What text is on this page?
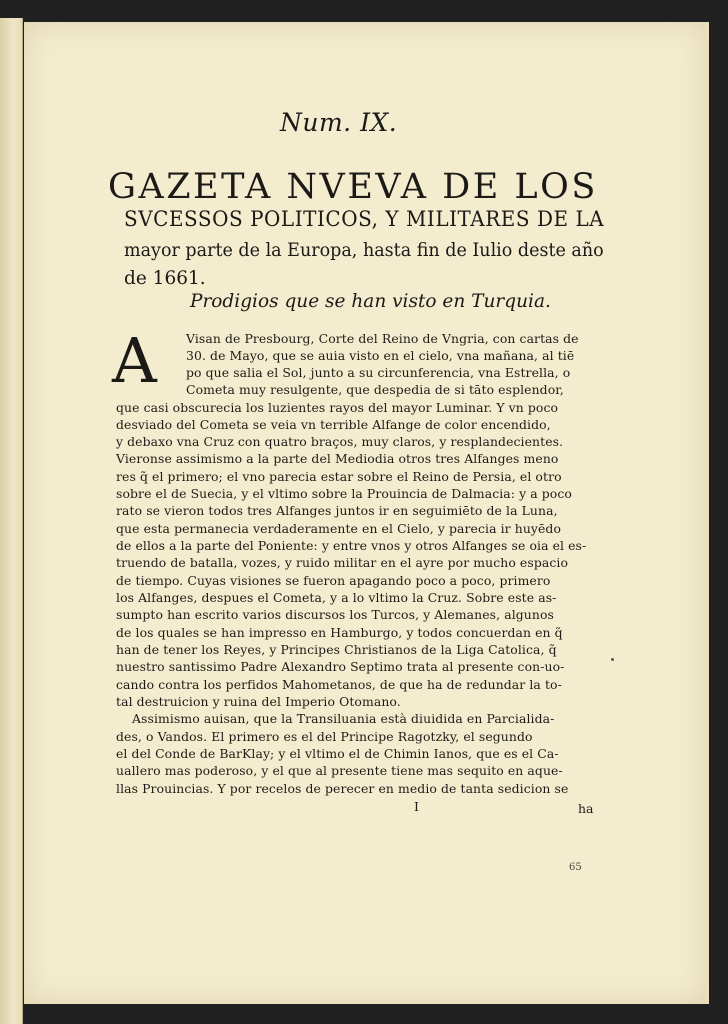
Num. IX.
GAZETA NVEVA DE LOS
SVCESSOS POLITICOS, Y MILITARES DE LA
mayor parte de la Europa, hasta fin de Iulio deste año
de 1661.
Prodigios que se han visto en Turquia.
A Visan de Presbourg, Corte del Reino de Vngria, con cartas de
30. de Mayo, que se auia visto en el cielo, vna mañana, al tiē
po que salia el Sol, junto a su circunferencia, vna Estrella, o
Cometa muy resulgente, que despedia de si tāto esplendor,
que casi obscurecia los luzientes rayos del mayor Luminar. Y vn poco
desviado del Cometa se veia vn terrible Alfange de color encendido,
y debaxo vna Cruz con quatro braços, muy claros, y resplandecientes.
Vieronse assimismo a la parte del Mediodia otros tres Alfanges meno
res q̃ el primero; el vno parecia estar sobre el Reino de Persia, el otro
sobre el de Suecia, y el vltimo sobre la Prouincia de Dalmacia: y a poco
rato se vieron todos tres Alfanges juntos ir en seguimiēto de la Luna,
que esta permanecia verdaderamente en el Cielo, y parecia ir huyēdo
de ellos a la parte del Poniente: y entre vnos y otros Alfanges se oia el es-
truendo de batalla, vozes, y ruido militar en el ayre por mucho espacio
de tiempo. Cuyas visiones se fueron apagando poco a poco, primero
los Alfanges, despues el Cometa, y a lo vltimo la Cruz. Sobre este as-
sumpto han escrito varios discursos los Turcos, y Alemanes, algunos
de los quales se han impresso en Hamburgo, y todos concuerdan en q̃
han de tener los Reyes, y Principes Christianos de la Liga Catolica, q̃
nuestro santissimo Padre Alexandro Septimo trata al presente con-uo-
cando contra los perfidos Mahometanos, de que ha de redundar la to-
tal destruicion y ruina del Imperio Otomano.
Assimismo auisan, que la Transiluania està diuidida en Parcialida-
des, o Vandos. El primero es el del Principe Ragotzky, el segundo
el del Conde de BarKlay; y el vltimo el de Chimin Ianos, que es el Ca-
uallero mas poderoso, y el que al presente tiene mas sequito en aque-
llas Prouincias. Y por recelos de perecer en medio de tanta sedicion se
I	ha
65
